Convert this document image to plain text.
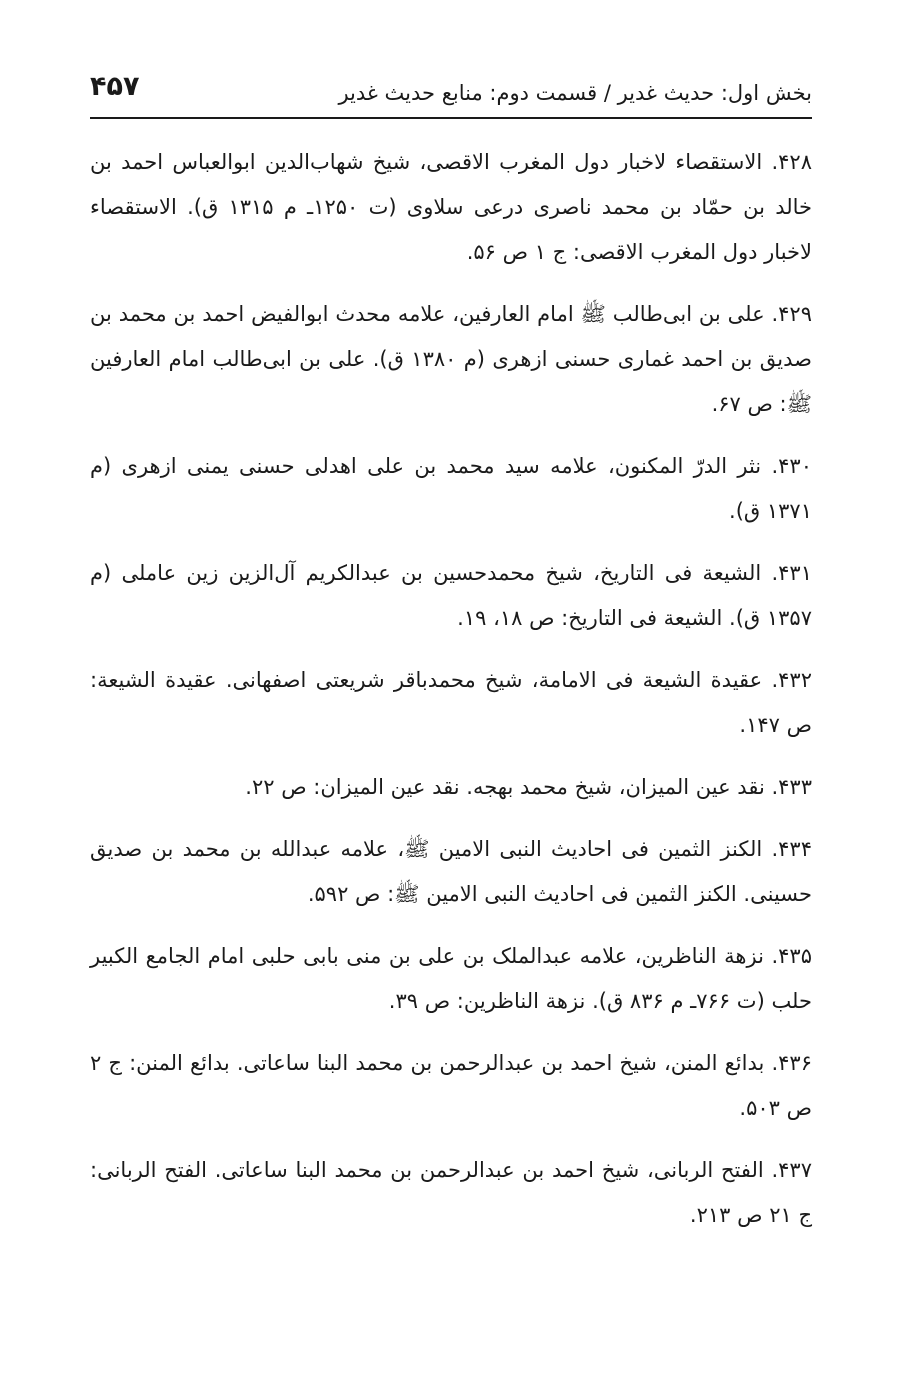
بخش اول: حدیث غدیر / قسمت دوم: منابع حدیث غدیر
۴۵۷

۴۲۸. الاستقصاء لاخبار دول المغرب الاقصی، شیخ شهاب‌الدین ابوالعباس احمد بن خالد بن حمّاد بن محمد ناصری درعی سلاوی (ت ۱۲۵۰ـ م ۱۳۱۵ ق). الاستقصاء لاخبار دول المغرب الاقصی: ج ۱ ص ۵۶.

۴۲۹. علی بن ابی‌طالب ﷺ امام العارفین، علامه محدث ابوالفیض احمد بن محمد بن صدیق بن احمد غماری حسنی ازهری (م ۱۳۸۰ ق). علی بن ابی‌طالب امام العارفین ﷺ: ص ۶۷.

۴۳۰. نثر الدرّ المکنون، علامه سید محمد بن علی اهدلی حسنی یمنی ازهری (م ۱۳۷۱ ق).

۴۳۱. الشیعة فی التاریخ، شیخ محمدحسین بن عبدالکریم آل‌الزین زین عاملی (م ۱۳۵۷ ق). الشیعة فی التاریخ: ص ۱۸، ۱۹.

۴۳۲. عقیدة الشیعة فی الامامة، شیخ محمدباقر شریعتی اصفهانی. عقیدة الشیعة: ص ۱۴۷.

۴۳۳. نقد عین المیزان، شیخ محمد بهجه. نقد عین المیزان: ص ۲۲.

۴۳۴. الکنز الثمین فی احادیث النبی الامین ﷺ، علامه عبدالله بن محمد بن صدیق حسینی. الکنز الثمین فی احادیث النبی الامین ﷺ: ص ۵۹۲.

۴۳۵. نزهة الناظرین، علامه عبدالملک بن علی بن منی بابی حلبی امام الجامع الکبیر حلب (ت ۷۶۶ـ م ۸۳۶ ق). نزهة الناظرین: ص ۳۹.

۴۳۶. بدائع المنن، شیخ احمد بن عبدالرحمن بن محمد البنا ساعاتی. بدائع المنن: ج ۲ ص ۵۰۳.

۴۳۷. الفتح الربانی، شیخ احمد بن عبدالرحمن بن محمد البنا ساعاتی. الفتح الربانی: ج ۲۱ ص ۲۱۳.
